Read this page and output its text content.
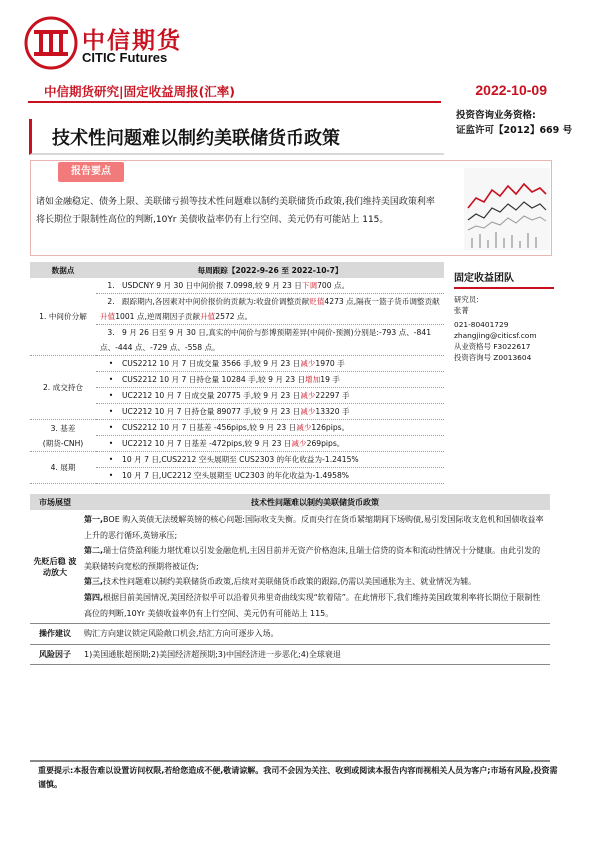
中信期货
CITIC Futures
中信期货研究|固定收益周报(汇率)	2022-10-09
投资咨询业务资格:
证监许可【2012】669 号
技术性问题难以制约美联储货币政策
报告要点
诸如金融稳定、债务上限、美联储亏损等技术性问题难以制约美联储货币政策,我们维持美国政策利率将长期位于限制性高位的判断,10Yr 美债收益率仍有上行空间、美元仍有可能站上 115。
数据点	每周跟踪【2022-9-26 至 2022-10-7】

1. 中间价分解	1. USDCNY 9 月 30 日中间价报 7.0998,较 9 月 23 日下调700 点。
	2. 跟踪期内,各因素对中间价报价的贡献为:收盘价调整贡献贬值4273 点,隔夜一篮子货币调整贡献升值1001 点,逆周期因子贡献升值2572 点。
	3. 9 月 26 日至 9 月 30 日,真实的中间价与彭博预期差异(中间价-预测)分别是:-793 点、-841 点、-444 点、-729 点、-558 点。

2. 成交持仓	• CUS2212 10 月 7 日成交量 3566 手,较 9 月 23 日减少1970 手
	• CUS2212 10 月 7 日持仓量 10284 手,较 9 月 23 日增加19 手
	• UC2212 10 月 7 日成交量 20775 手,较 9 月 23 日减少22297 手
	• UC2212 10 月 7 日持仓量 89077 手,较 9 月 23 日减少13320 手

3. 基差
(期货-CNH)	• CUS2212 10 月 7 日基差 -456pips,较 9 月 23 日减少126pips。
	• UC2212 10 月 7 日基差 -472pips,较 9 月 23 日减少269pips。

4. 展期	• 10 月 7 日,CUS2212 空头展期至 CUS2303 的年化收益为-1.2415%
	• 10 月 7 日,UC2212 空头展期至 UC2303 的年化收益为-1.4958%
固定收益团队
研究员:
张菁
021-80401729
zhangjing@citicsf.com
从业资格号 F3022617
投资咨询号 Z0013604
市场展望	技术性问题难以制约美联储货币政策
先贬后稳 波动放大	第一,BOE 购入英债无法缓解英镑的核心问题:国际收支失衡。反而央行在货币紧缩期间下场购债,易引发国际收支危机和国债收益率上升的恶行循环,英镑承压;
第二,瑞士信贷盈利能力堪忧难以引发金融危机,主因目前并无资产价格泡沫,且瑞士信贷的资本和流动性情况十分健康。由此引发的美联储转向宽松的预期将被证伪;
第三,技术性问题难以制约美联储货币政策,后续对美联储货币政策的跟踪,仍需以美国通胀为主、就业情况为辅。
第四,根据目前美国情况,美国经济似乎可以沿着贝弗里奇曲线实现“软着陆”。在此情形下,我们维持美国政策利率将长期位于限制性高位的判断,10Yr 美债收益率仍有上行空间、美元仍有可能站上 115。

操作建议	购汇方向建议锁定风险敞口机会,结汇方向可逐步入场。
风险因子	1)美国通胀超预期;2)美国经济超预期;3)中国经济进一步恶化;4)全球衰退
重要提示:本报告难以设置访问权限,若给您造成不便,敬请谅解。我司不会因为关注、收到或阅读本报告内容而视相关人员为客户;市场有风险,投资需谨慎。
